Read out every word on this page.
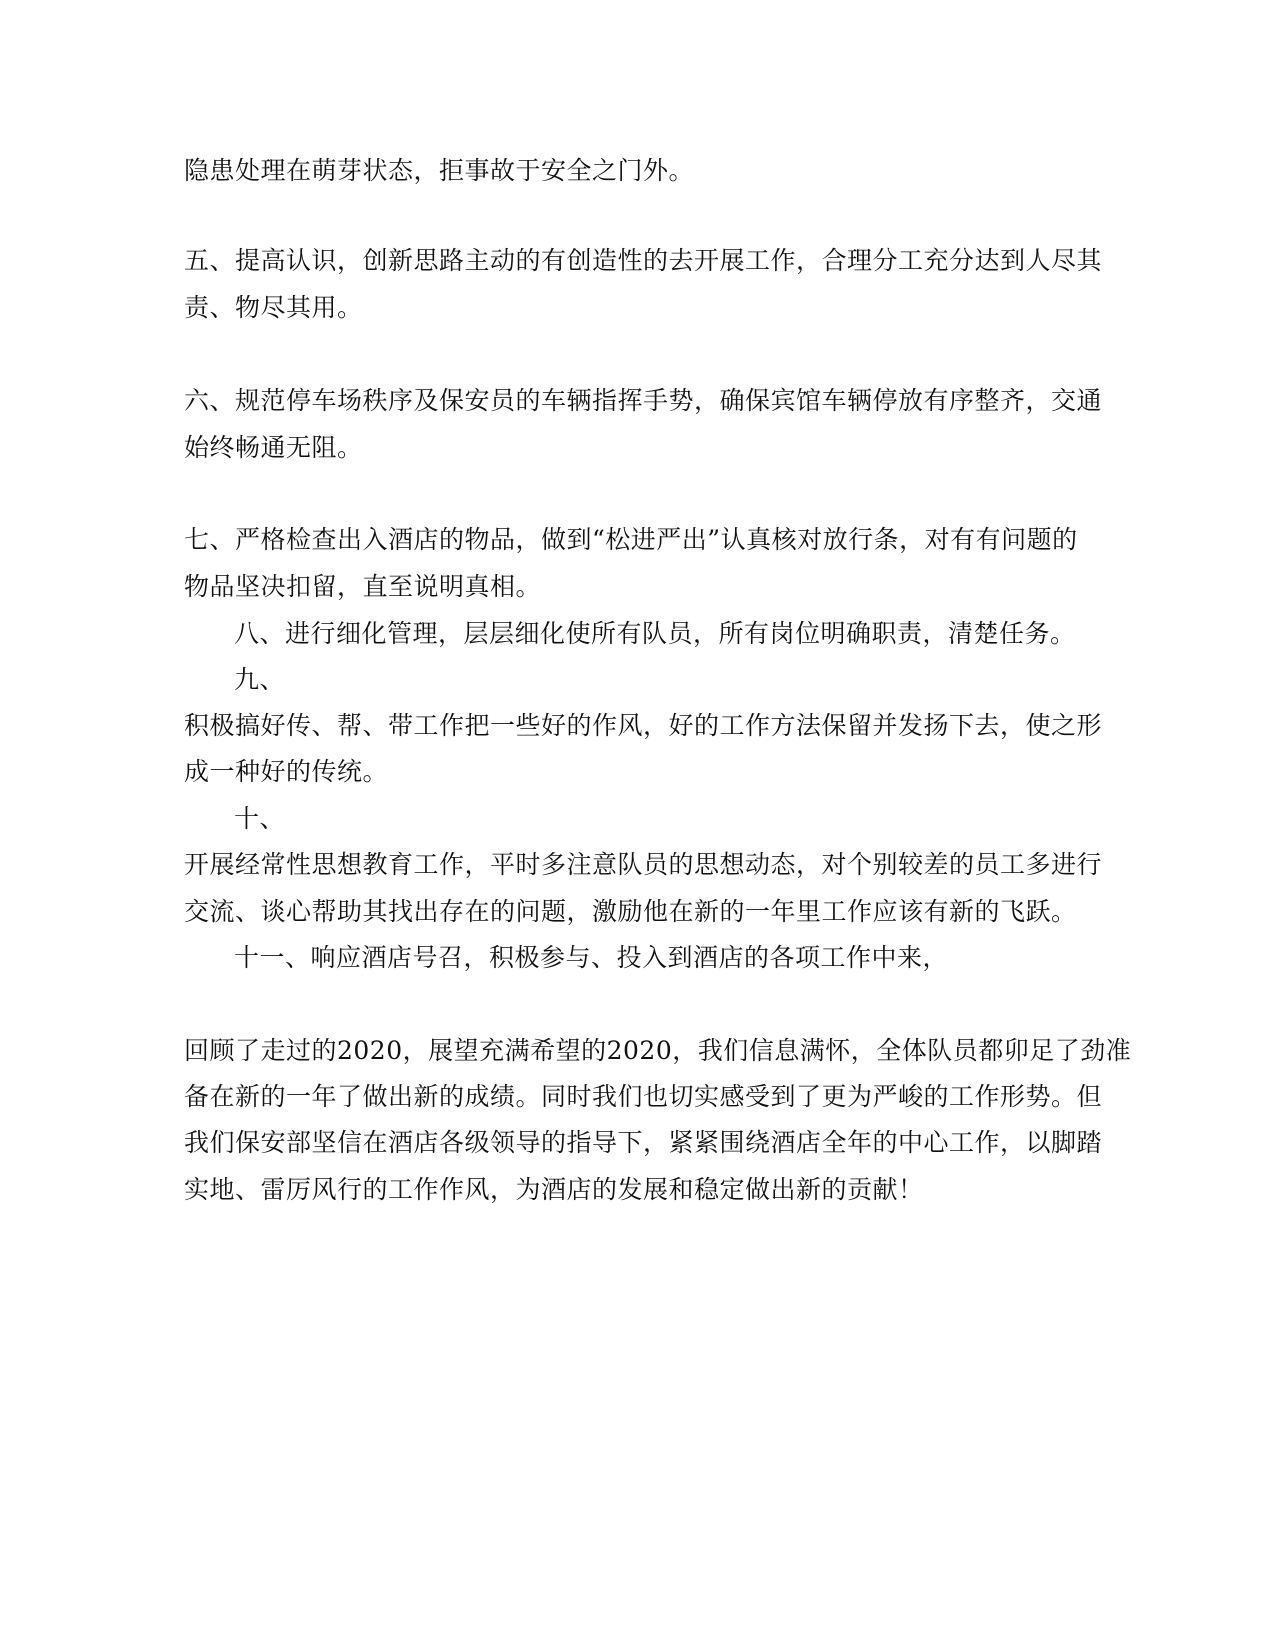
隐患处理在萌芽状态，拒事故于安全之门外。
五、提高认识，创新思路主动的有创造性的去开展工作，合理分工充分达到人尽其
责、物尽其用。
六、规范停车场秩序及保安员的车辆指挥手势，确保宾馆车辆停放有序整齐，交通
始终畅通无阻。
七、严格检查出入酒店的物品，做到“松进严出”认真核对放行条，对有有问题的
物品坚决扣留，直至说明真相。
八、进行细化管理，层层细化使所有队员，所有岗位明确职责，清楚任务。
九、
积极搞好传、帮、带工作把一些好的作风，好的工作方法保留并发扬下去，使之形
成一种好的传统。
十、
开展经常性思想教育工作，平时多注意队员的思想动态，对个别较差的员工多进行
交流、谈心帮助其找出存在的问题，激励他在新的一年里工作应该有新的飞跃。
十一、响应酒店号召，积极参与、投入到酒店的各项工作中来，
回顾了走过的2020，展望充满希望的2020，我们信息满怀，全体队员都卯足了劲准
备在新的一年了做出新的成绩。同时我们也切实感受到了更为严峻的工作形势。但
我们保安部坚信在酒店各级领导的指导下，紧紧围绕酒店全年的中心工作，以脚踏
实地、雷厉风行的工作作风，为酒店的发展和稳定做出新的贡献！
